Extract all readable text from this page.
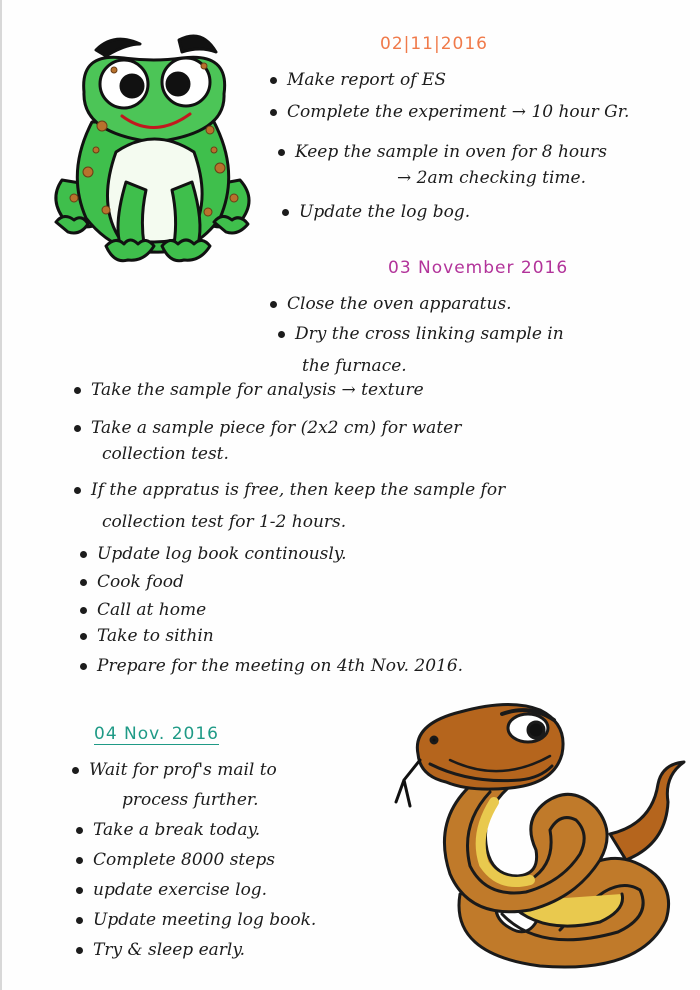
02|11|2016
Make report of ES
Complete the experiment → 10 hour Gr.
Keep the sample in oven for 8 hours
→ 2am checking time.
Update the log bog.
03 November 2016
Close the oven apparatus.
Dry the cross linking sample in
the furnace.
Take the sample for analysis → texture
Take a sample piece for (2x2 cm) for water
collection test.
If the appratus is free, then keep the sample for
collection test for 1-2 hours.
Update log book continously.
Cook food
Call at home
Take to sithin
Prepare for the meeting on 4th Nov. 2016.
04 Nov. 2016
Wait for prof's mail to
process further.
Take a break today.
Complete 8000 steps
update exercise log.
Update meeting log book.
Try & sleep early.
